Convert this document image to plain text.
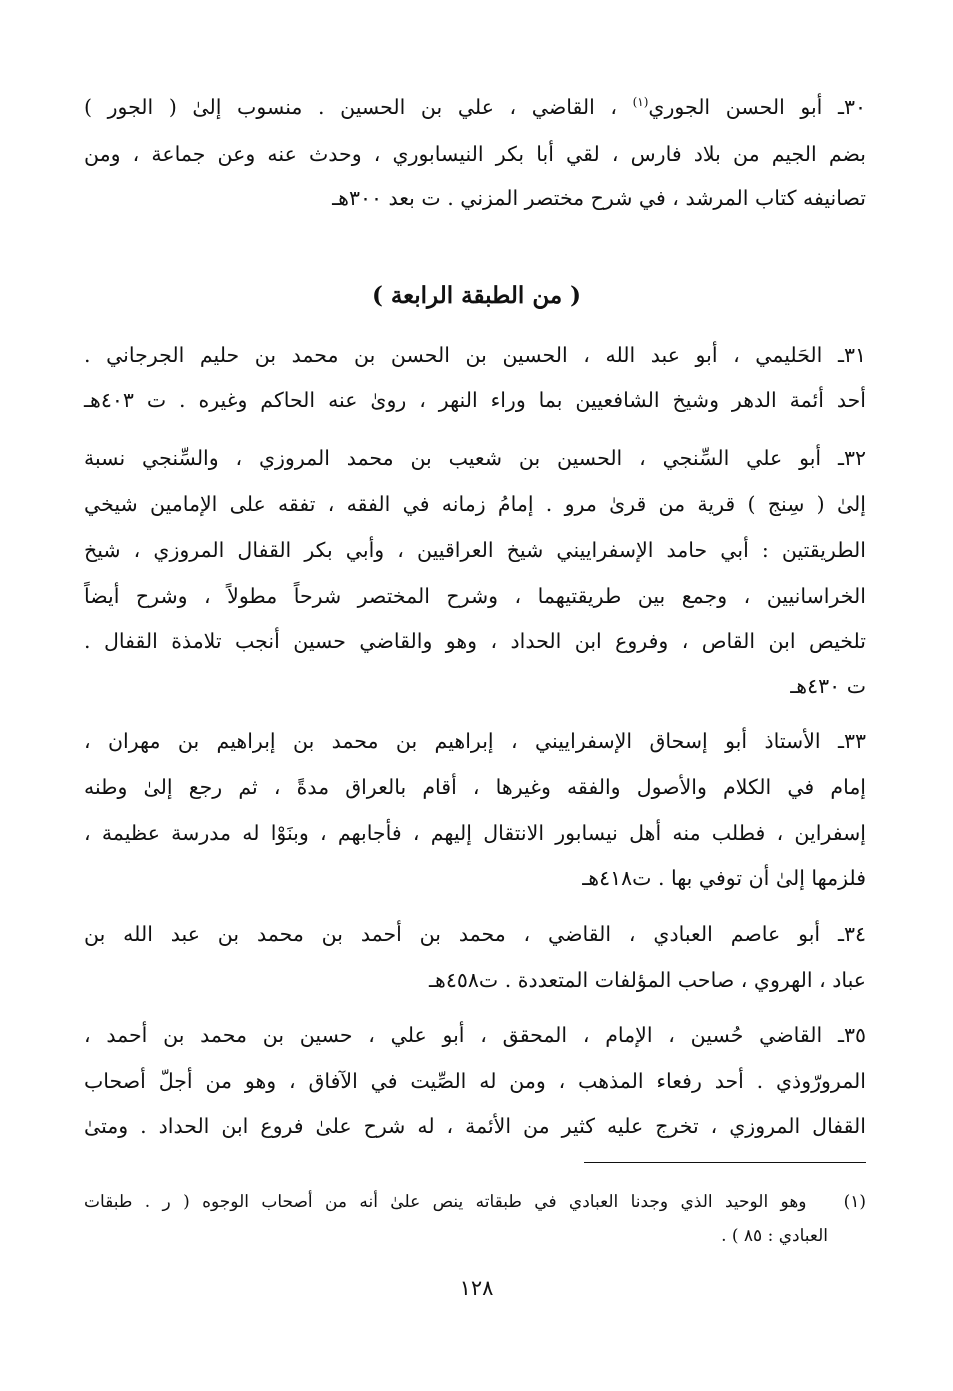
٣٠ـ أبو الحسن الجوري$^{(١)}$ ، القاضي ، علي بن الحسين . منسوب إلىٰ ( الجور )
بضم الجيم من بلاد فارس ، لقي أبا بكر النيسابوري ، وحدث عنه وعن جماعة ، ومن
تصانيفه كتاب المرشد ، في شرح مختصر المزني . ت بعد ٣٠٠هـ
( من الطبقة الرابعة )
٣١ـ الحَليمي ، أبو عبد الله ، الحسين بن الحسن بن محمد بن حليم الجرجاني .
أحد أئمة الدهر وشيخ الشافعيين بما وراء النهر ، روىٰ عنه الحاكم وغيره . ت ٤٠٣هـ
٣٢ـ أبو علي السِّنجي ، الحسين بن شعيب بن محمد المروزي ، والسِّنجي نسبة
إلىٰ ( سِنج ) قرية من قرىٰ مرو . إمامُ زمانه في الفقه ، تفقه على الإمامين شيخي
الطريقتين : أبي حامد الإسفراييني شيخ العراقيين ، وأبي بكر القفال المروزي ، شيخ
الخراسانيين ، وجمع بين طريقتيهما ، وشرح المختصر شرحاً مطولاً ، وشرح أيضاً
تلخيص ابن القاص ، وفروع ابن الحداد ، وهو والقاضي حسين أنجب تلامذة القفال .
ت ٤٣٠هـ
٣٣ـ الأستاذ أبو إسحاق الإسفراييني ، إبراهيم بن محمد بن إبراهيم بن مهران ،
إمام في الكلام والأصول والفقه وغيرها ، أقام بالعراق مدةً ، ثم رجع إلىٰ وطنه
إسفراين ، فطلب منه أهل نيسابور الانتقال إليهم ، فأجابهم ، وبنَوْا له مدرسة عظيمة ،
فلزمها إلىٰ أن توفي بها . ت٤١٨هـ
٣٤ـ أبو عاصم العبادي ، القاضي ، محمد بن أحمد بن محمد بن عبد الله بن
عباد ، الهروي ، صاحب المؤلفات المتعددة . ت٤٥٨هـ
٣٥ـ القاضي حُسين ، الإمام ، المحقق ، أبو علي ، حسين بن محمد بن أحمد ،
المرورّوذي . أحد رفعاء المذهب ، ومن له الصِّيت في الآفاق ، وهو من أجلّ أصحاب
القفال المروزي ، تخرج عليه كثير من الأئمة ، له شرح علىٰ فروع ابن الحداد . ومتىٰ
(١)   وهو الوحيد الذي وجدنا العبادي في طبقاته ينص علىٰ أنه من أصحاب الوجوه ( ر . طبقات
العبادي : ٨٥ ) .
١٢٨
